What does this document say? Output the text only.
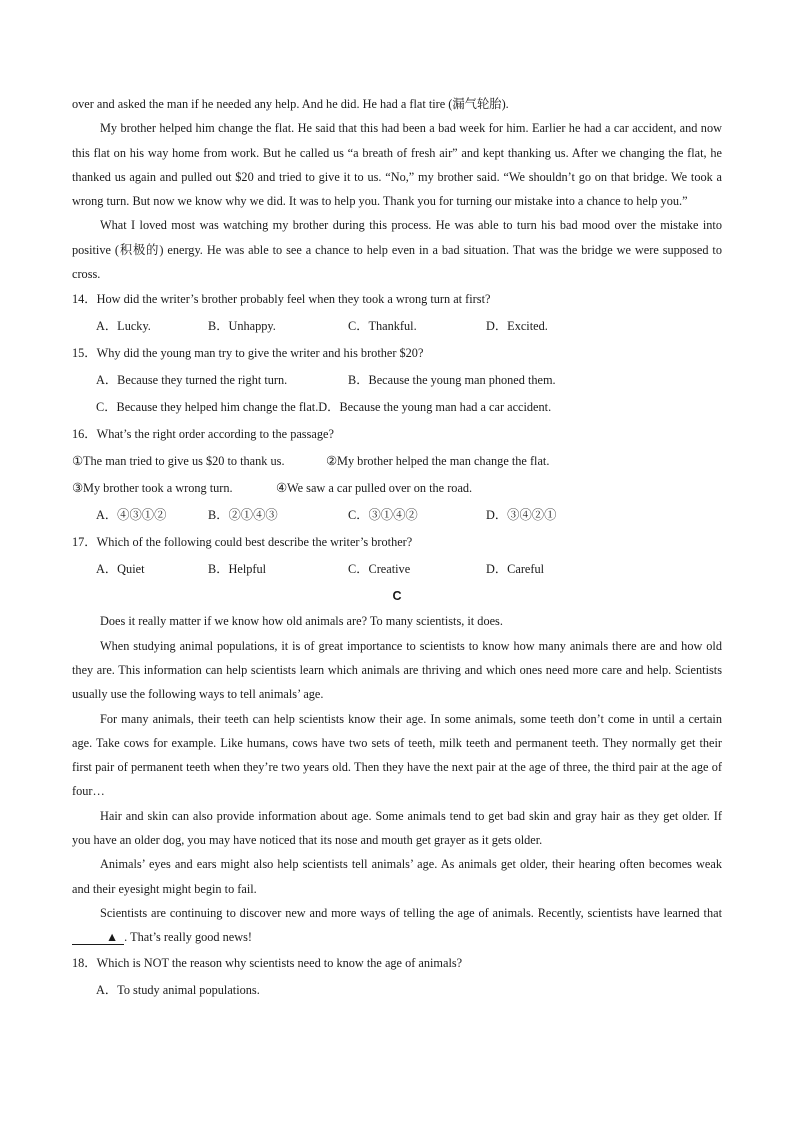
over and asked the man if he needed any help. And he did. He had a flat tire (漏气轮胎).

My brother helped him change the flat. He said that this had been a bad week for him. Earlier he had a car accident, and now this flat on his way home from work. But he called us “a breath of fresh air” and kept thanking us. After we changing the flat, he thanked us again and pulled out $20 and tried to give it to us. “No,” my brother said. “We shouldn’t go on that bridge. We took a wrong turn. But now we know why we did. It was to help you. Thank you for turning our mistake into a chance to help you.”

What I loved most was watching my brother during this process. He was able to turn his bad mood over the mistake into positive (积极的) energy. He was able to see a chance to help even in a bad situation. That was the bridge we were supposed to cross.

14．How did the writer’s brother probably feel when they took a wrong turn at first?

A．Lucky.	B．Unhappy.	C．Thankful.	D．Excited.

15．Why did the young man try to give the writer and his brother $20?

A．Because they turned the right turn.	B．Because the young man phoned them.
C．Because they helped him change the flat. D．Because the young man had a car accident.

16．What’s the right order according to the passage?

①The man tried to give us $20 to thank us.	②My brother helped the man change the flat.
③My brother took a wrong turn.	④We saw a car pulled over on the road.
A．④③①②	B．②①④③	C．③①④②	D．③④②①

17．Which of the following could best describe the writer’s brother?

A．Quiet	B．Helpful	C．Creative	D．Careful

C

Does it really matter if we know how old animals are? To many scientists, it does.

When studying animal populations, it is of great importance to scientists to know how many animals there are and how old they are. This information can help scientists learn which animals are thriving and which ones need more care and help. Scientists usually use the following ways to tell animals’ age.

For many animals, their teeth can help scientists know their age. In some animals, some teeth don’t come in until a certain age. Take cows for example. Like humans, cows have two sets of teeth, milk teeth and permanent teeth. They normally get their first pair of permanent teeth when they’re two years old. Then they have the next pair at the age of three, the third pair at the age of four…

Hair and skin can also provide information about age. Some animals tend to get bad skin and gray hair as they get older. If you have an older dog, you may have noticed that its nose and mouth get grayer as it gets older.

Animals’ eyes and ears might also help scientists tell animals’ age. As animals get older, their hearing often becomes weak and their eyesight might begin to fail.

Scientists are continuing to discover new and more ways of telling the age of animals. Recently, scientists have learned that ▲ . That’s really good news!

18．Which is NOT the reason why scientists need to know the age of animals?

A．To study animal populations.
